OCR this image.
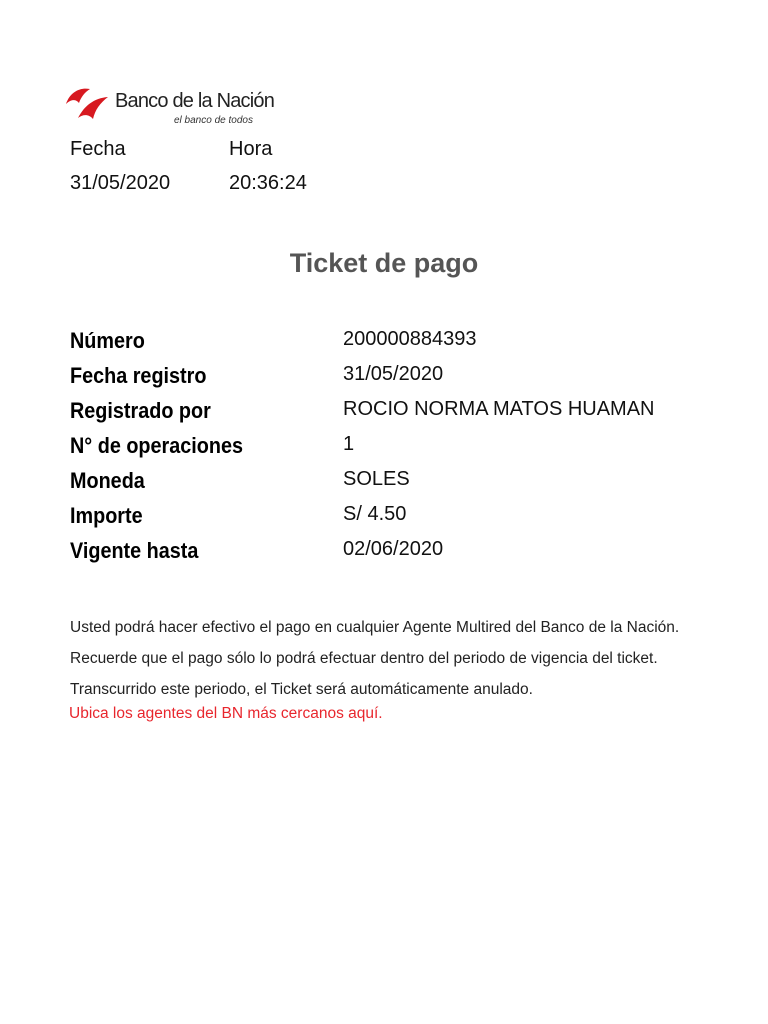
Banco de la Nación
el banco de todos
Fecha	Hora
31/05/2020	20:36:24
Ticket de pago
Número	200000884393
Fecha registro	31/05/2020
Registrado por	ROCIO NORMA MATOS HUAMAN
N° de operaciones	1
Moneda	SOLES
Importe	S/ 4.50
Vigente hasta	02/06/2020
Usted podrá hacer efectivo el pago en cualquier Agente Multired del Banco de la Nación.
Recuerde que el pago sólo lo podrá efectuar dentro del periodo de vigencia del ticket.
Transcurrido este periodo, el Ticket será automáticamente anulado.
Ubica los agentes del BN más cercanos aquí.
